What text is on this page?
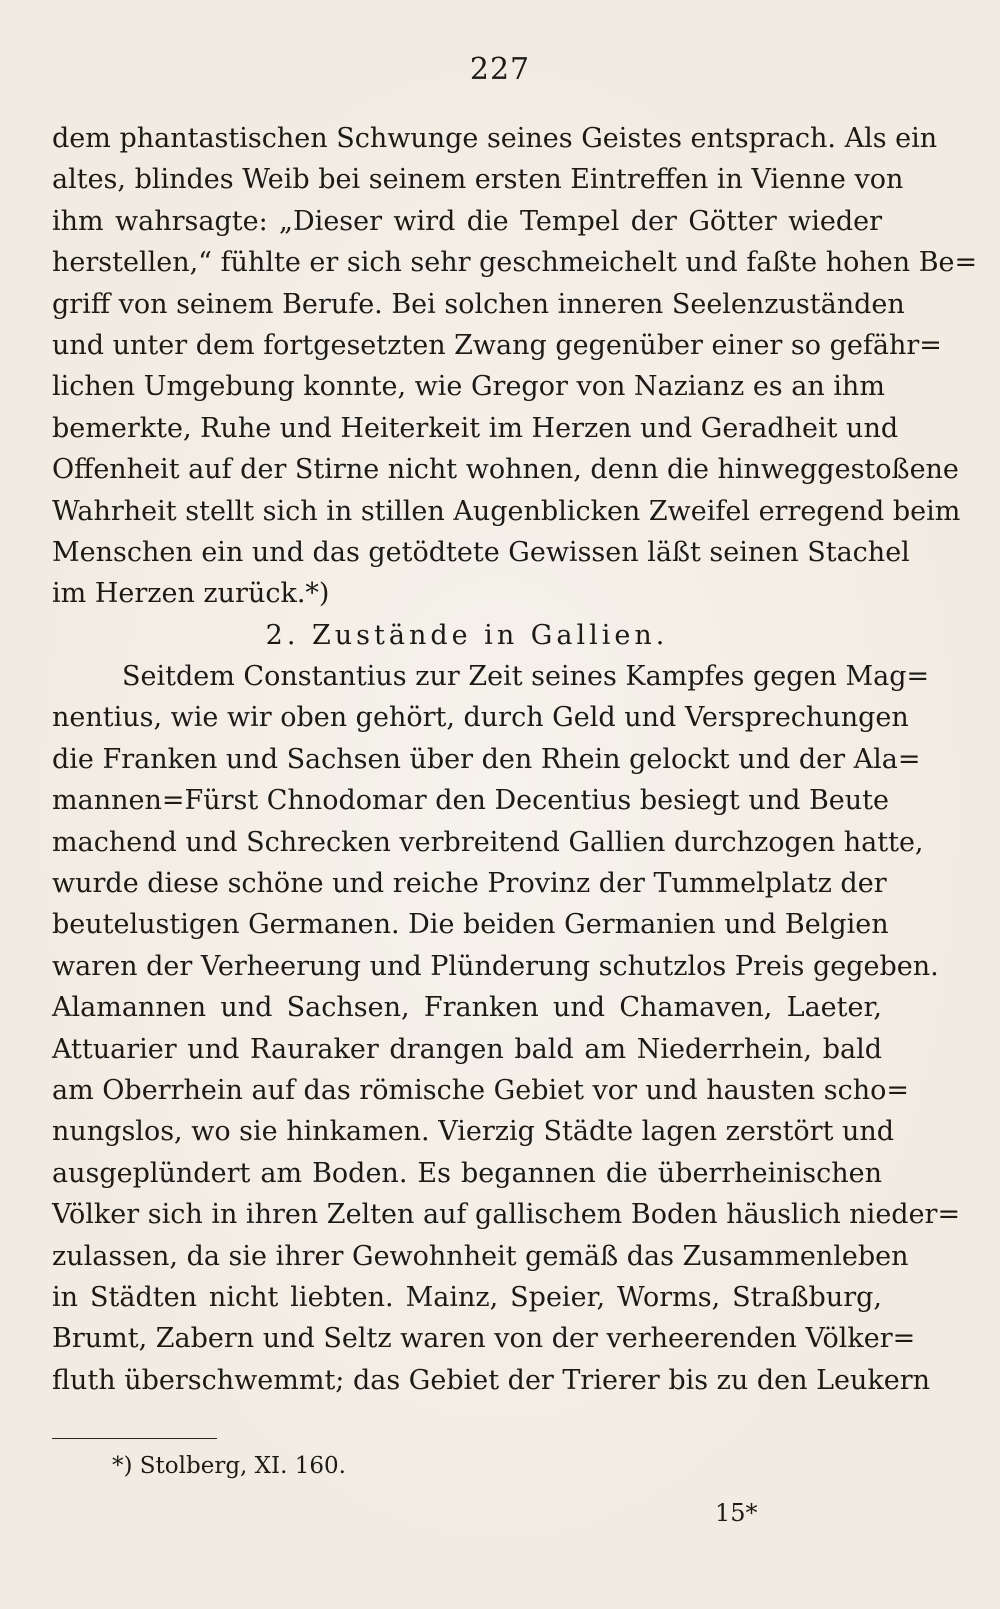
227
dem phantastischen Schwunge seines Geistes entsprach. Als ein
altes, blindes Weib bei seinem ersten Eintreffen in Vienne von
ihm wahrsagte: „Dieser wird die Tempel der Götter wieder
herstellen,“ fühlte er sich sehr geschmeichelt und faßte hohen Be=
griff von seinem Berufe. Bei solchen inneren Seelenzuständen
und unter dem fortgesetzten Zwang gegenüber einer so gefähr=
lichen Umgebung konnte, wie Gregor von Nazianz es an ihm
bemerkte, Ruhe und Heiterkeit im Herzen und Geradheit und
Offenheit auf der Stirne nicht wohnen, denn die hinweggestoßene
Wahrheit stellt sich in stillen Augenblicken Zweifel erregend beim
Menschen ein und das getödtete Gewissen läßt seinen Stachel
im Herzen zurück.*)
2. Zustände in Gallien.
Seitdem Constantius zur Zeit seines Kampfes gegen Mag=
nentius, wie wir oben gehört, durch Geld und Versprechungen
die Franken und Sachsen über den Rhein gelockt und der Ala=
mannen=Fürst Chnodomar den Decentius besiegt und Beute
machend und Schrecken verbreitend Gallien durchzogen hatte,
wurde diese schöne und reiche Provinz der Tummelplatz der
beutelustigen Germanen. Die beiden Germanien und Belgien
waren der Verheerung und Plünderung schutzlos Preis gegeben.
Alamannen und Sachsen, Franken und Chamaven, Laeter,
Attuarier und Rauraker drangen bald am Niederrhein, bald
am Oberrhein auf das römische Gebiet vor und hausten scho=
nungslos, wo sie hinkamen. Vierzig Städte lagen zerstört und
ausgeplündert am Boden. Es begannen die überrheinischen
Völker sich in ihren Zelten auf gallischem Boden häuslich nieder=
zulassen, da sie ihrer Gewohnheit gemäß das Zusammenleben
in Städten nicht liebten. Mainz, Speier, Worms, Straßburg,
Brumt, Zabern und Seltz waren von der verheerenden Völker=
fluth überschwemmt; das Gebiet der Trierer bis zu den Leukern
*) Stolberg, XI. 160.
15*
